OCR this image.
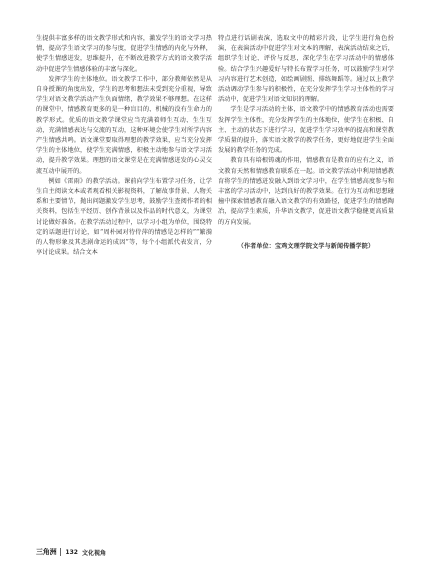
生提供丰富多样的语文教学形式和内容，激发学生的语文学习热情，提高学生语文学习的参与度，促进学生情感的内化与外释，使学生情感迸发，思维提升，在不断改进教学方式的语文教学活动中促进学生情感体验的丰富与深化。

发挥学生的主体地位。语文教学工作中，部分教师依然是从自身授课的角度出发，学生的思考和想法未受到充分重视，导致学生对语文教学活动产生负面情绪，教学效果不够理想。在这样的课堂中，情感教育更多的是一种盲目的、机械的没有生命力的教学形式。优质的语文教学课堂应当充满着师生互动、生生互动，充满情感表达与交流的互动，这种环境会使学生对所学内容产生情感共鸣。语文课堂要取得理想的教学效果，应当充分发挥学生的主体地位，使学生充满情感，积极主动地参与语文学习活动，提升教学效果。理想的语文课堂是在充满情感迸发的心灵交流互动中展开的。

例如《雷雨》的教学活动。课前向学生布置学习任务，让学生自主阅读文本或者观看相关影视资料，了解故事背景、人物关系和主要情节，抛出问题激发学生思考，鼓励学生查阅作者的相关资料，包括生平经历、创作背景以及作品的时代意义，为课堂讨论做好准备。在教学活动过程中，以学习小组为单位，围绕特定的话题进行讨论，如“周朴园对待侍萍的情感是怎样的”“繁漪的人物形象及其悲剧命运的成因”等，每个小组派代表发言，分享讨论成果。结合文本

特点进行话剧表演，选取文中的精彩片段，让学生进行角色扮演，在表演活动中促进学生对文本的理解，表演活动结束之后，组织学生讨论、评价与反思，深化学生在学习活动中的情感体验。结合学生兴趣爱好与特长布置学习任务，可以鼓励学生对学习内容进行艺术创造，如绘画剧照、排练舞蹈等。通过以上教学活动调动学生参与的积极性，在充分发挥学生学习主体性的学习活动中，促进学生对语文知识的理解。

学生是学习活动的主体，语文教学中的情感教育活动也需要发挥学生主体性，充分发挥学生的主体地位，使学生在积极、自主、主动的状态下进行学习，促进学生学习效率的提高和课堂教学质量的提升，落实语文教学的教学任务，更好地促进学生全面发展的教学任务的完成。

教育具有培根铸魂的作用，情感教育是教育的应有之义，语文教育天然和情感教育联系在一起。语文教学活动中利用情感教育将学生的情感迸发融入到语文学习中，在学生情感高度参与和丰富的学习活动中，达到良好的教学效果。在行为互动和思想碰撞中探索情感教育融入语文教学的有效路径，促进学生的情感陶冶，提高学生素质，升华语文教学，促进语文教学稳健更高质量的方向发展。

（作者单位：宝鸡文理学院文学与新闻传播学院）
三角洲 132 文化视角
